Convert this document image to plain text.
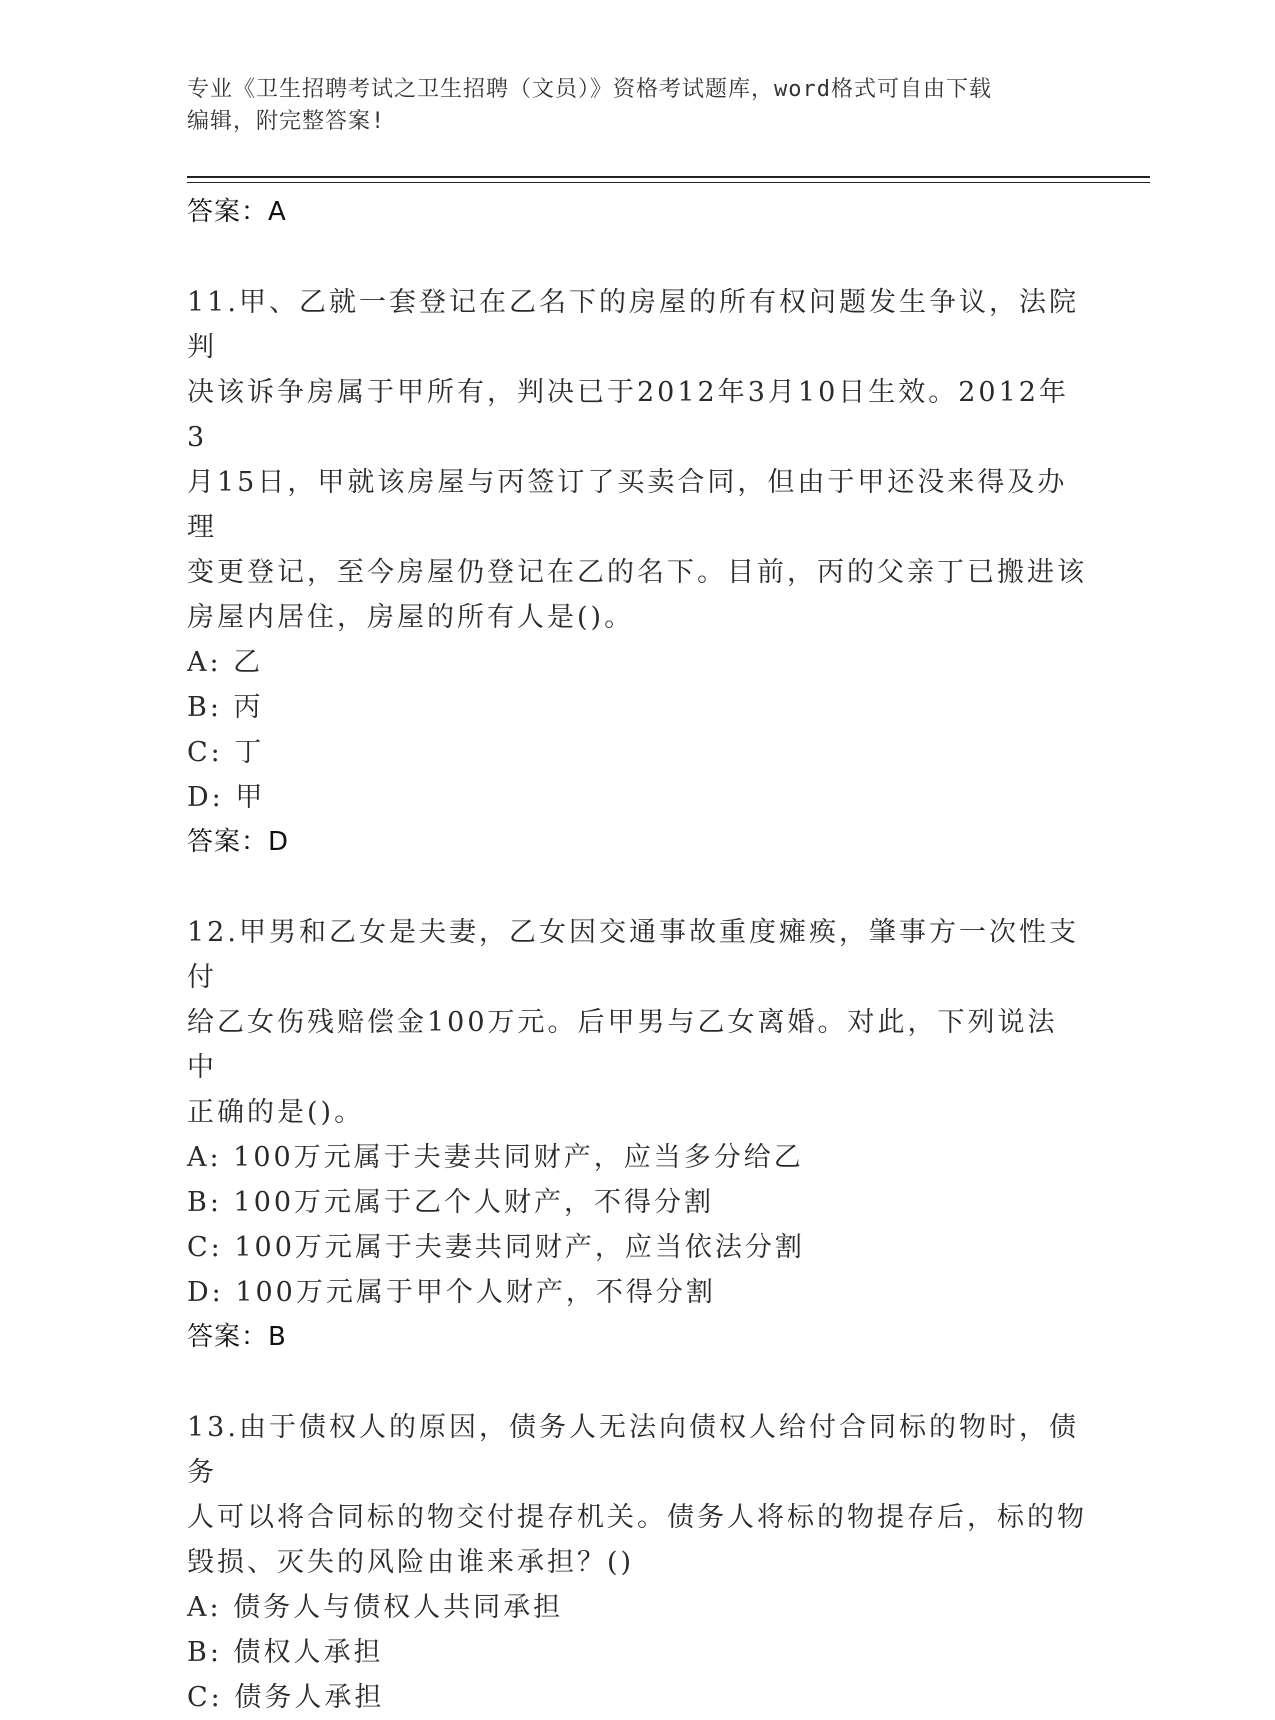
专业《卫生招聘考试之卫生招聘（文员）》资格考试题库，word格式可自由下载
编辑，附完整答案!
答案：A
11.甲、乙就一套登记在乙名下的房屋的所有权问题发生争议，法院判
决该诉争房属于甲所有，判决已于2012年3月10日生效。2012年3
月15日，甲就该房屋与丙签订了买卖合同，但由于甲还没来得及办理
变更登记，至今房屋仍登记在乙的名下。目前，丙的父亲丁已搬进该
房屋内居住，房屋的所有人是()。
A: 乙
B: 丙
C: 丁
D: 甲
答案：D
12.甲男和乙女是夫妻，乙女因交通事故重度瘫痪，肇事方一次性支付
给乙女伤残赔偿金100万元。后甲男与乙女离婚。对此，下列说法中
正确的是()。
A: 100万元属于夫妻共同财产，应当多分给乙
B: 100万元属于乙个人财产，不得分割
C: 100万元属于夫妻共同财产，应当依法分割
D: 100万元属于甲个人财产，不得分割
答案：B
13.由于债权人的原因，债务人无法向债权人给付合同标的物时，债务
人可以将合同标的物交付提存机关。债务人将标的物提存后，标的物
毁损、灭失的风险由谁来承担？()
A: 债务人与债权人共同承担
B: 债权人承担
C: 债务人承担
